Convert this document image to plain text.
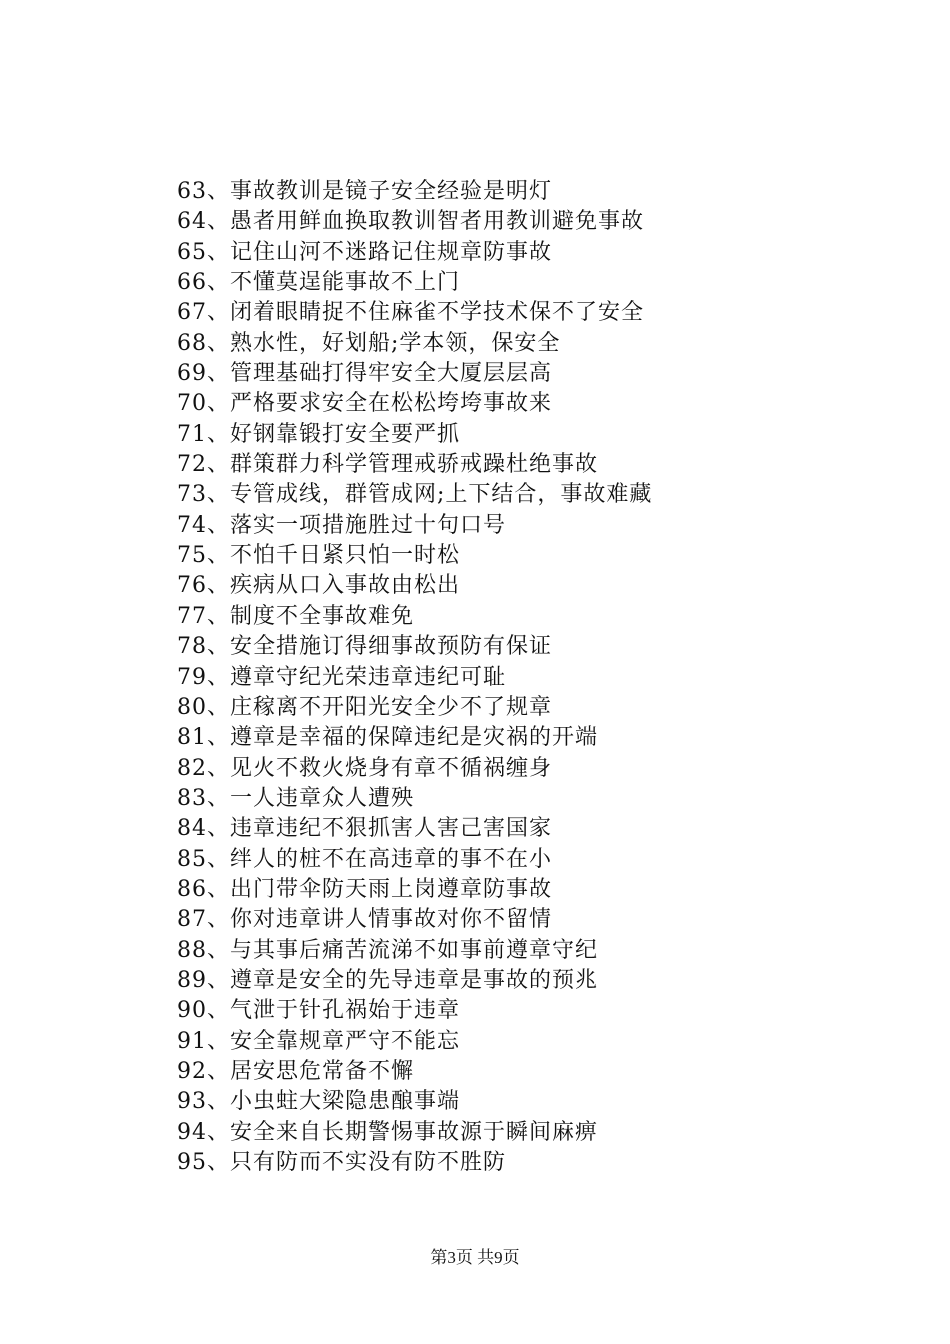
63、事故教训是镜子安全经验是明灯
64、愚者用鲜血换取教训智者用教训避免事故
65、记住山河不迷路记住规章防事故
66、不懂莫逞能事故不上门
67、闭着眼睛捉不住麻雀不学技术保不了安全
68、熟水性，好划船;学本领，保安全
69、管理基础打得牢安全大厦层层高
70、严格要求安全在松松垮垮事故来
71、好钢靠锻打安全要严抓
72、群策群力科学管理戒骄戒躁杜绝事故
73、专管成线，群管成网;上下结合，事故难藏
74、落实一项措施胜过十句口号
75、不怕千日紧只怕一时松
76、疾病从口入事故由松出
77、制度不全事故难免
78、安全措施订得细事故预防有保证
79、遵章守纪光荣违章违纪可耻
80、庄稼离不开阳光安全少不了规章
81、遵章是幸福的保障违纪是灾祸的开端
82、见火不救火烧身有章不循祸缠身
83、一人违章众人遭殃
84、违章违纪不狠抓害人害己害国家
85、绊人的桩不在高违章的事不在小
86、出门带伞防天雨上岗遵章防事故
87、你对违章讲人情事故对你不留情
88、与其事后痛苦流涕不如事前遵章守纪
89、遵章是安全的先导违章是事故的预兆
90、气泄于针孔祸始于违章
91、安全靠规章严守不能忘
92、居安思危常备不懈
93、小虫蛀大梁隐患酿事端
94、安全来自长期警惕事故源于瞬间麻痹
95、只有防而不实没有防不胜防
第3页 共9页
